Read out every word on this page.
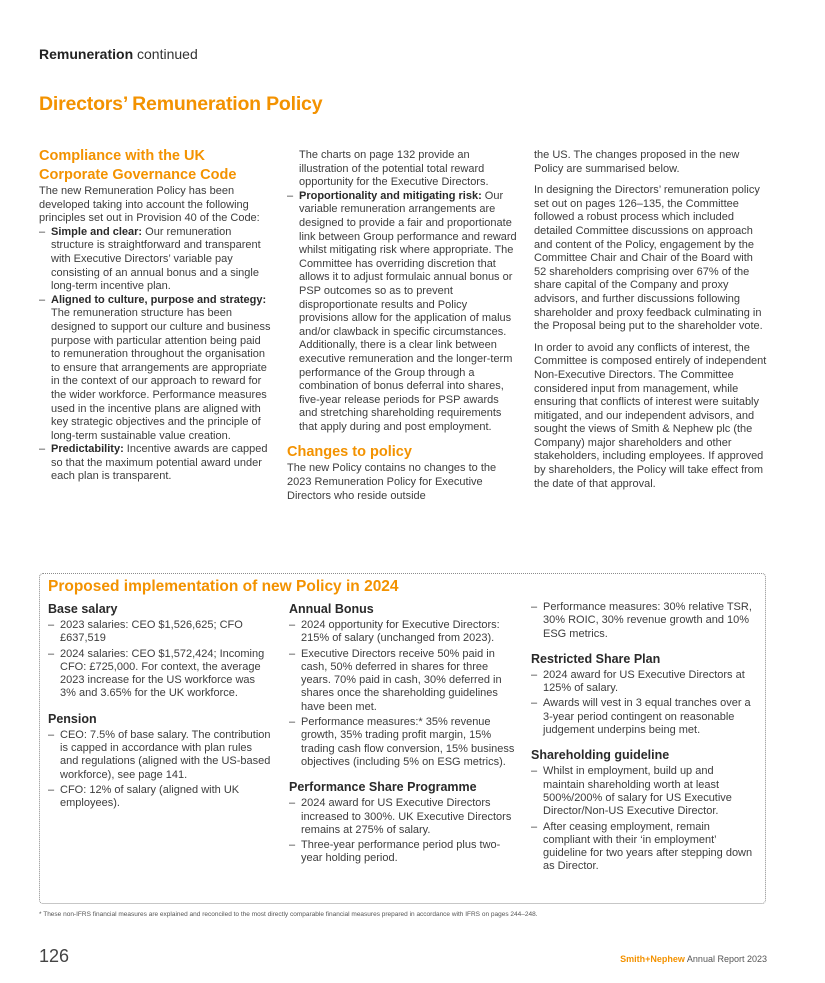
Remuneration continued
Directors’ Remuneration Policy
Compliance with the UK Corporate Governance Code

The new Remuneration Policy has been developed taking into account the following principles set out in Provision 40 of the Code:

– Simple and clear: Our remuneration structure is straightforward and transparent with Executive Directors’ variable pay consisting of an annual bonus and a single long-term incentive plan.
– Aligned to culture, purpose and strategy: The remuneration structure has been designed to support our culture and business purpose with particular attention being paid to remuneration throughout the organisation to ensure that arrangements are appropriate in the context of our approach to reward for the wider workforce. Performance measures used in the incentive plans are aligned with key strategic objectives and the principle of long-term sustainable value creation.
– Predictability: Incentive awards are capped so that the maximum potential award under each plan is transparent.

The charts on page 132 provide an illustration of the potential total reward opportunity for the Executive Directors.

– Proportionality and mitigating risk: Our variable remuneration arrangements are designed to provide a fair and proportionate link between Group performance and reward whilst mitigating risk where appropriate. The Committee has overriding discretion that allows it to adjust formulaic annual bonus or PSP outcomes so as to prevent disproportionate results and Policy provisions allow for the application of malus and/or clawback in specific circumstances. Additionally, there is a clear link between executive remuneration and the longer-term performance of the Group through a combination of bonus deferral into shares, five-year release periods for PSP awards and stretching shareholding requirements that apply during and post employment.
Changes to policy

The new Policy contains no changes to the 2023 Remuneration Policy for Executive Directors who reside outside

the US. The changes proposed in the new Policy are summarised below.

In designing the Directors’ remuneration policy set out on pages 126–135, the Committee followed a robust process which included detailed Committee discussions on approach and content of the Policy, engagement by the Committee Chair and Chair of the Board with 52 shareholders comprising over 67% of the share capital of the Company and proxy advisors, and further discussions following shareholder and proxy feedback culminating in the Proposal being put to the shareholder vote.

In order to avoid any conflicts of interest, the Committee is composed entirely of independent Non-Executive Directors. The Committee considered input from management, while ensuring that conflicts of interest were suitably mitigated, and our independent advisors, and sought the views of Smith & Nephew plc (the Company) major shareholders and other stakeholders, including employees. If approved by shareholders, the Policy will take effect from the date of that approval.

Proposed implementation of new Policy in 2024
Base salary
– 2023 salaries: CEO $1,526,625; CFO £637,519
– 2024 salaries: CEO $1,572,424; Incoming CFO: £725,000. For context, the average 2023 increase for the US workforce was 3% and 3.65% for the UK workforce.
Pension
– CEO: 7.5% of base salary. The contribution is capped in accordance with plan rules and regulations (aligned with the US-based workforce), see page 141.
– CFO: 12% of salary (aligned with UK employees).
Annual Bonus
– 2024 opportunity for Executive Directors: 215% of salary (unchanged from 2023).
– Executive Directors receive 50% paid in cash, 50% deferred in shares for three years. 70% paid in cash, 30% deferred in shares once the shareholding guidelines have been met.
– Performance measures:* 35% revenue growth, 35% trading profit margin, 15% trading cash flow conversion, 15% business objectives (including 5% on ESG metrics).
Performance Share Programme
– 2024 award for US Executive Directors increased to 300%. UK Executive Directors remains at 275% of salary.
– Three-year performance period plus two-year holding period.
– Performance measures: 30% relative TSR, 30% ROIC, 30% revenue growth and 10% ESG metrics.
Restricted Share Plan
– 2024 award for US Executive Directors at 125% of salary.
– Awards will vest in 3 equal tranches over a 3-year period contingent on reasonable judgement underpins being met.
Shareholding guideline
– Whilst in employment, build up and maintain shareholding worth at least 500%/200% of salary for US Executive Director/Non-US Executive Director.
– After ceasing employment, remain compliant with their ‘in employment’ guideline for two years after stepping down as Director.
* These non-IFRS financial measures are explained and reconciled to the most directly comparable financial measures prepared in accordance with IFRS on pages 244–248.
126	Smith+Nephew Annual Report 2023
